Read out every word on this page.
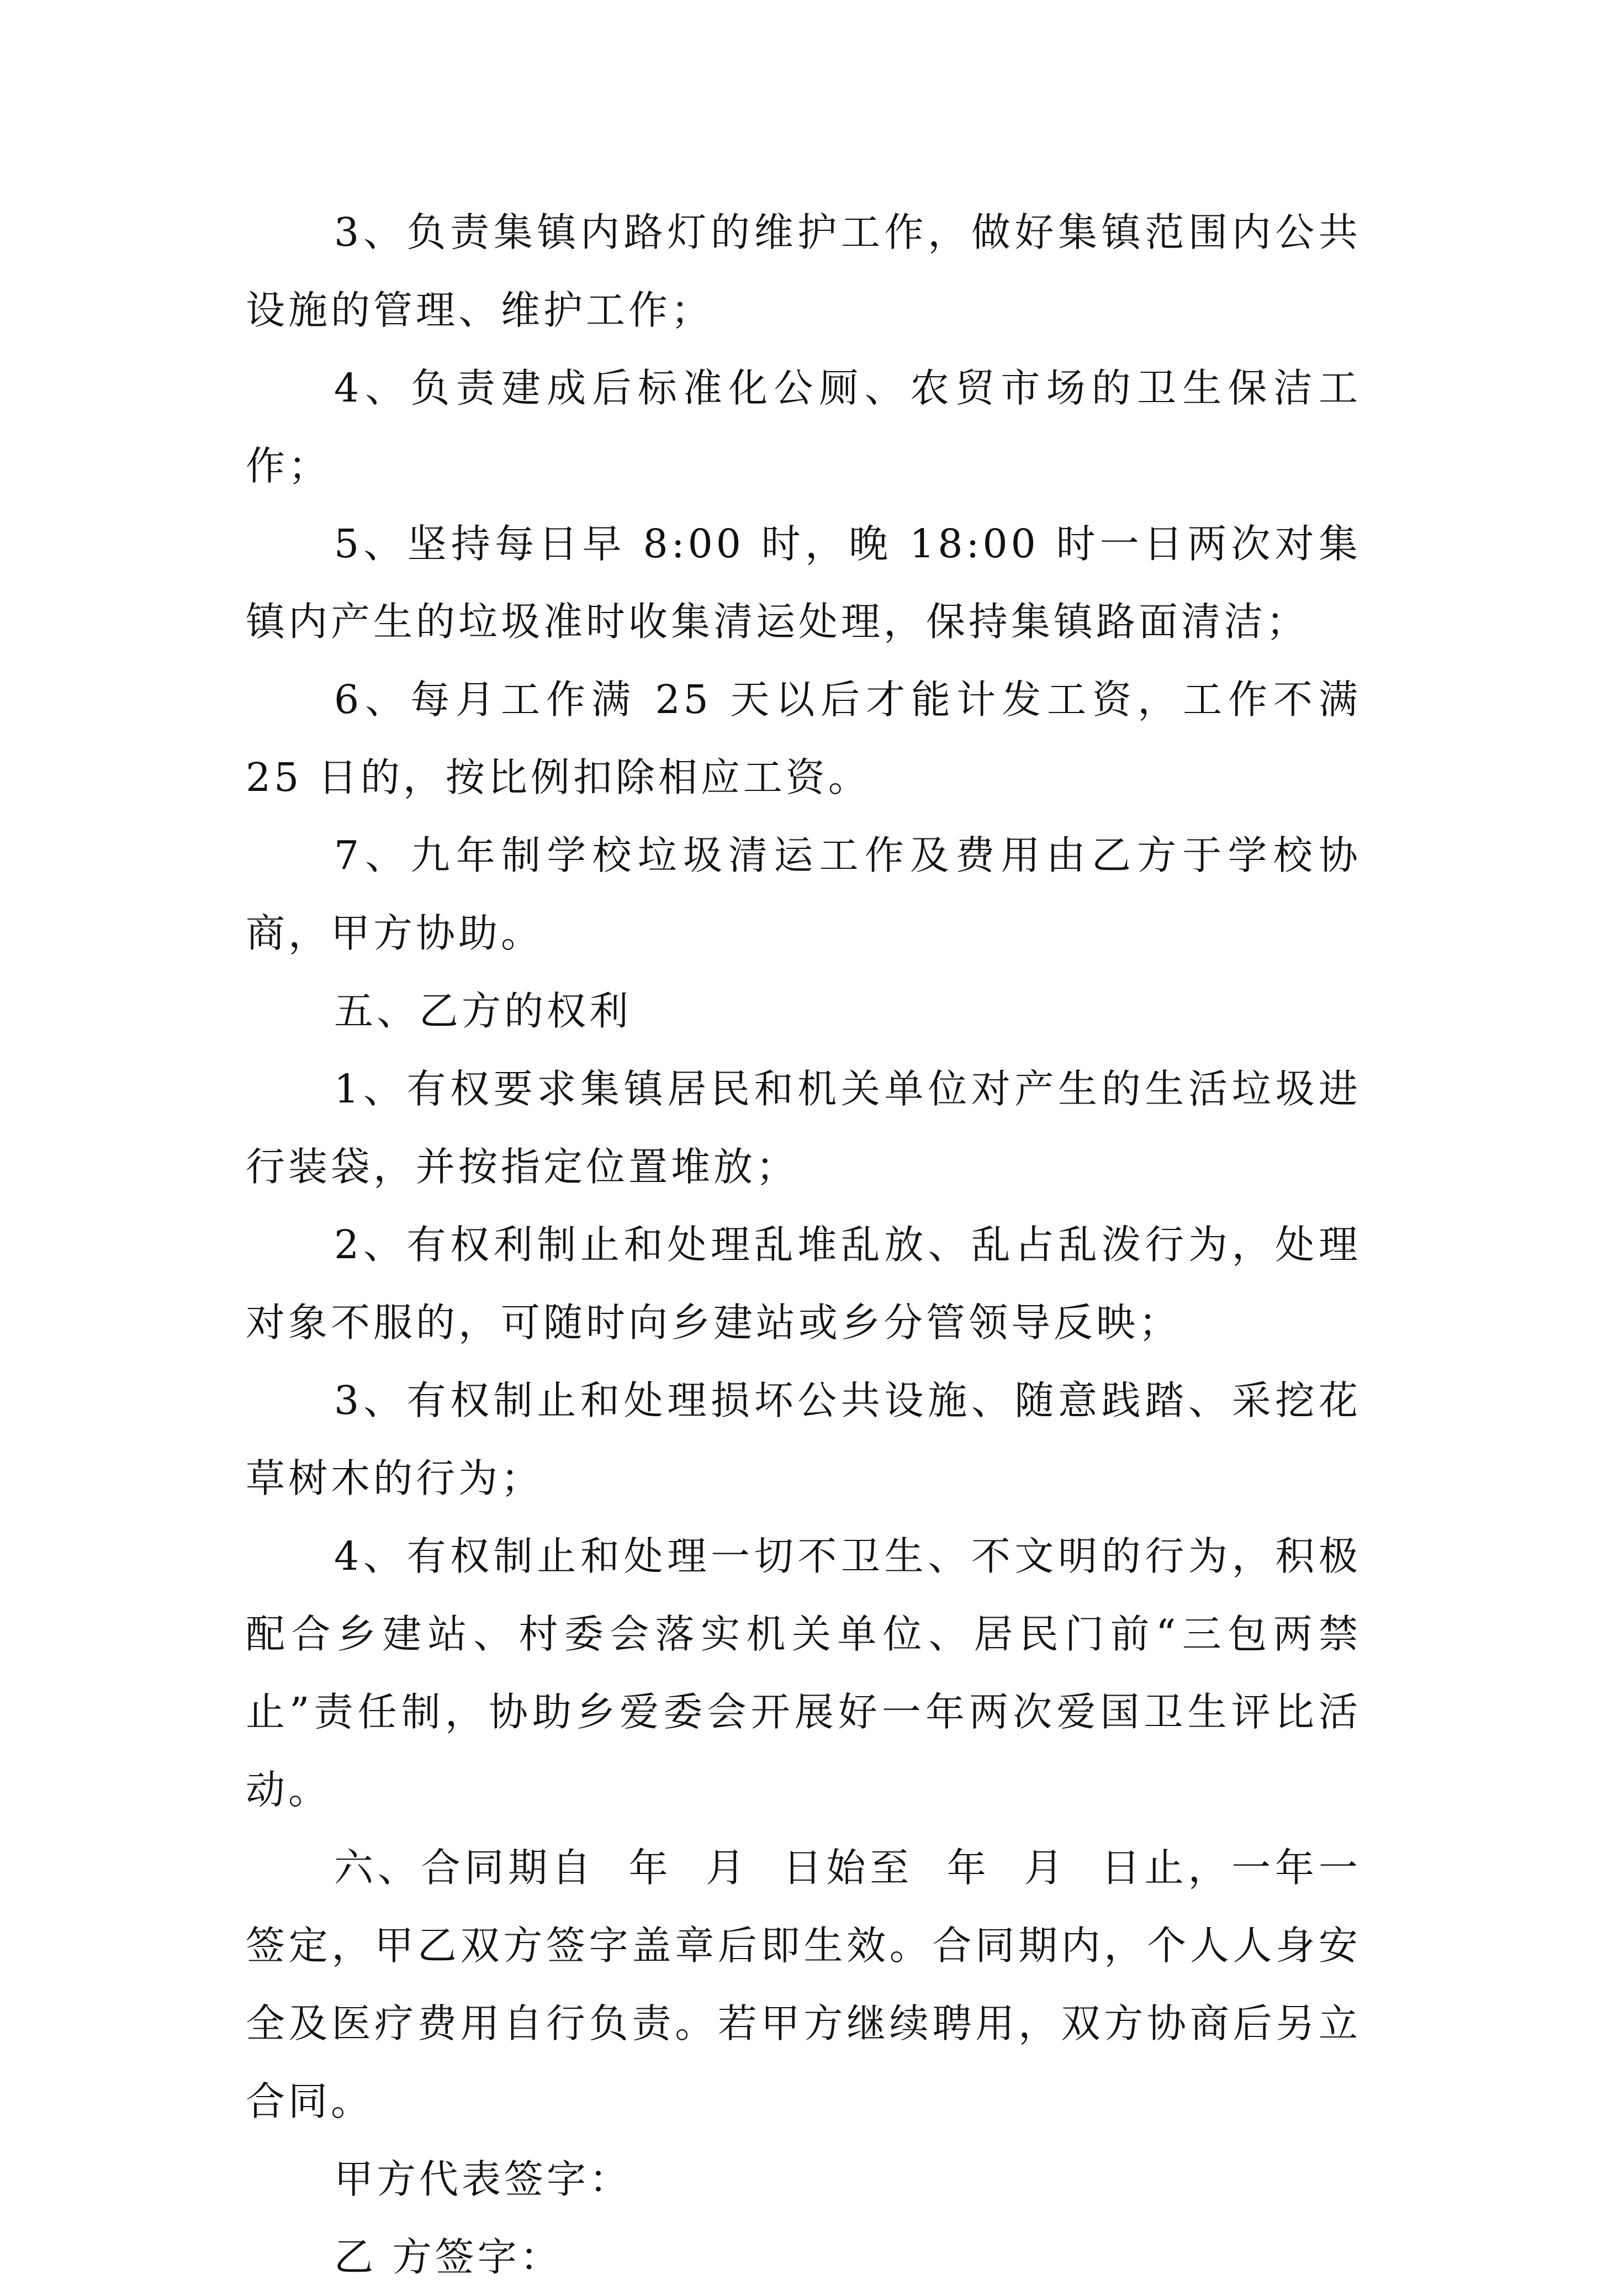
3、负责集镇内路灯的维护工作，做好集镇范围内公共设施的管理、维护工作；

4、负责建成后标准化公厕、农贸市场的卫生保洁工作；

5、坚持每日早 8:00 时，晚 18:00 时一日两次对集镇内产生的垃圾准时收集清运处理，保持集镇路面清洁；

6、每月工作满 25 天以后才能计发工资，工作不满 25 日的，按比例扣除相应工资。

7、九年制学校垃圾清运工作及费用由乙方于学校协商，甲方协助。

五、乙方的权利

1、有权要求集镇居民和机关单位对产生的生活垃圾进行装袋，并按指定位置堆放；

2、有权利制止和处理乱堆乱放、乱占乱泼行为，处理对象不服的，可随时向乡建站或乡分管领导反映；

3、有权制止和处理损坏公共设施、随意践踏、采挖花草树木的行为；

4、有权制止和处理一切不卫生、不文明的行为，积极配合乡建站、村委会落实机关单位、居民门前“三包两禁止”责任制，协助乡爱委会开展好一年两次爱国卫生评比活动。

六、合同期自  年  月  日始至  年  月  日止，一年一签定，甲乙双方签字盖章后即生效。合同期内，个人人身安全及医疗费用自行负责。若甲方继续聘用，双方协商后另立合同。

甲方代表签字：

乙 方签字：
